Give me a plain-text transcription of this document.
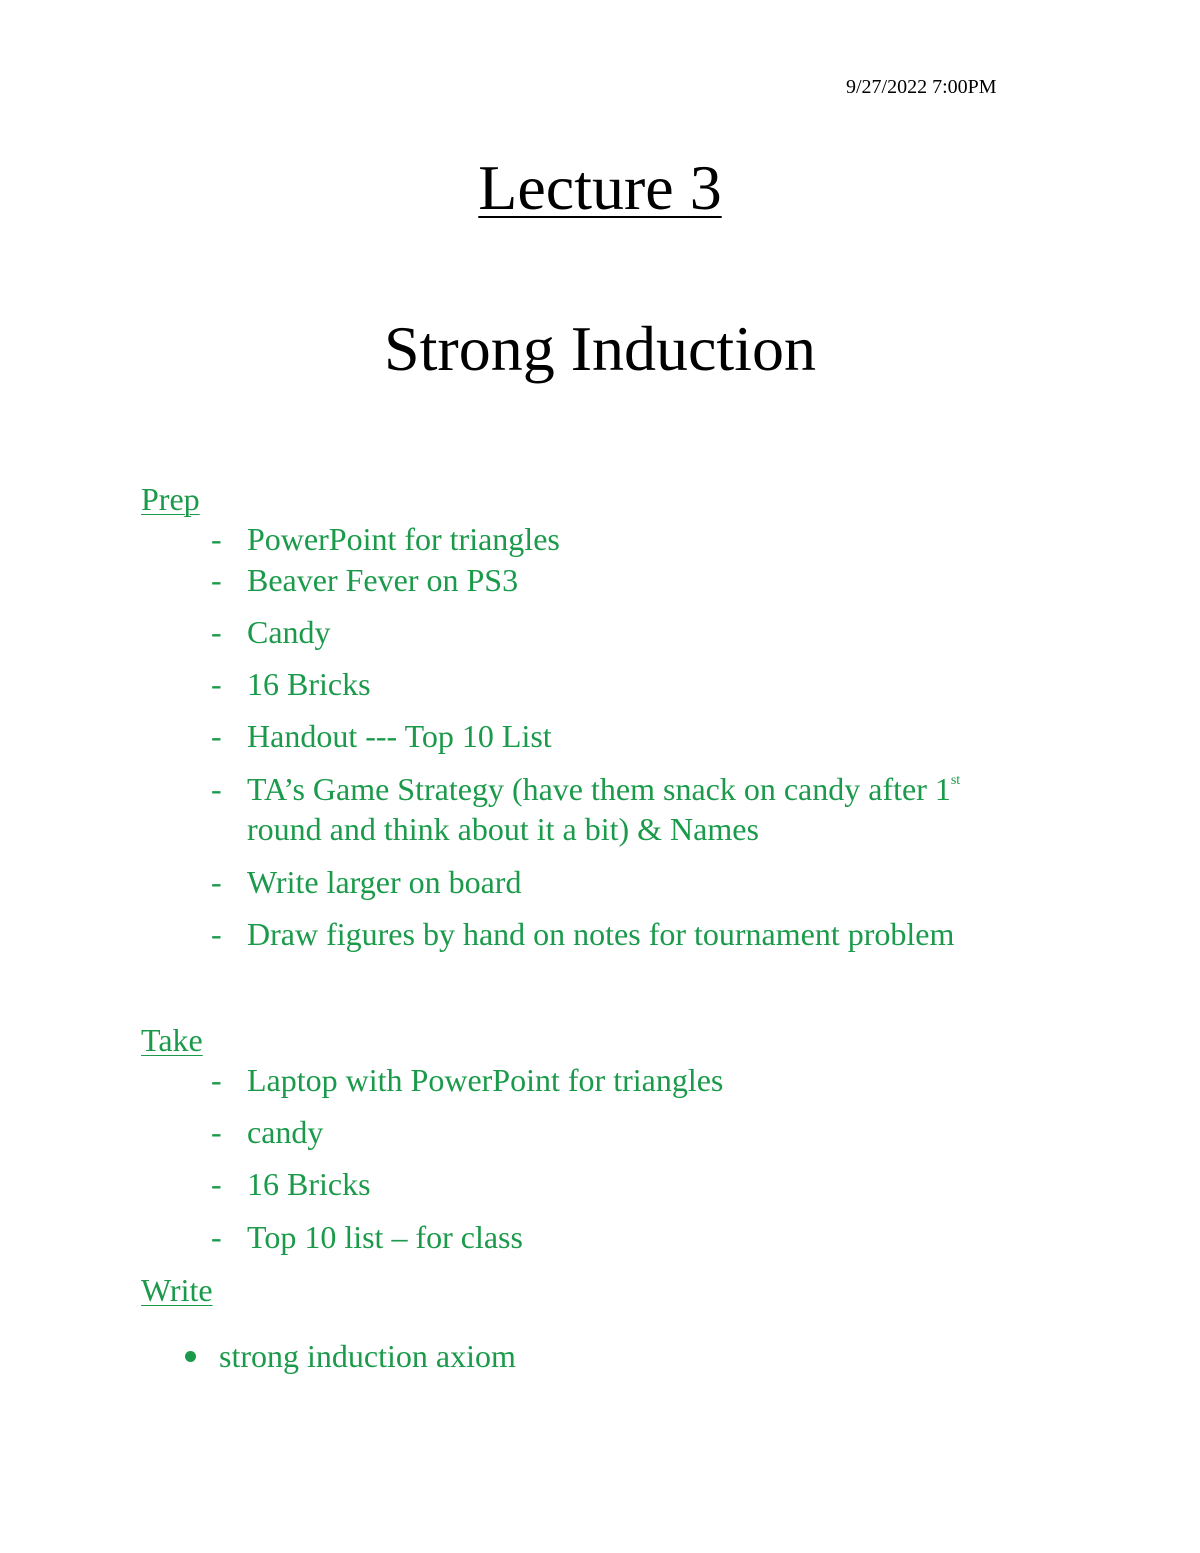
9/27/2022 7:00PM
Lecture 3
Strong Induction
Prep
- PowerPoint for triangles
- Beaver Fever on PS3
- Candy
- 16 Bricks
- Handout --- Top 10 List
- TA’s Game Strategy (have them snack on candy after 1st
round and think about it a bit) & Names
- Write larger on board
- Draw figures by hand on notes for tournament problem
Take
- Laptop with PowerPoint for triangles
- candy
- 16 Bricks
- Top 10 list – for class
Write
strong induction axiom
